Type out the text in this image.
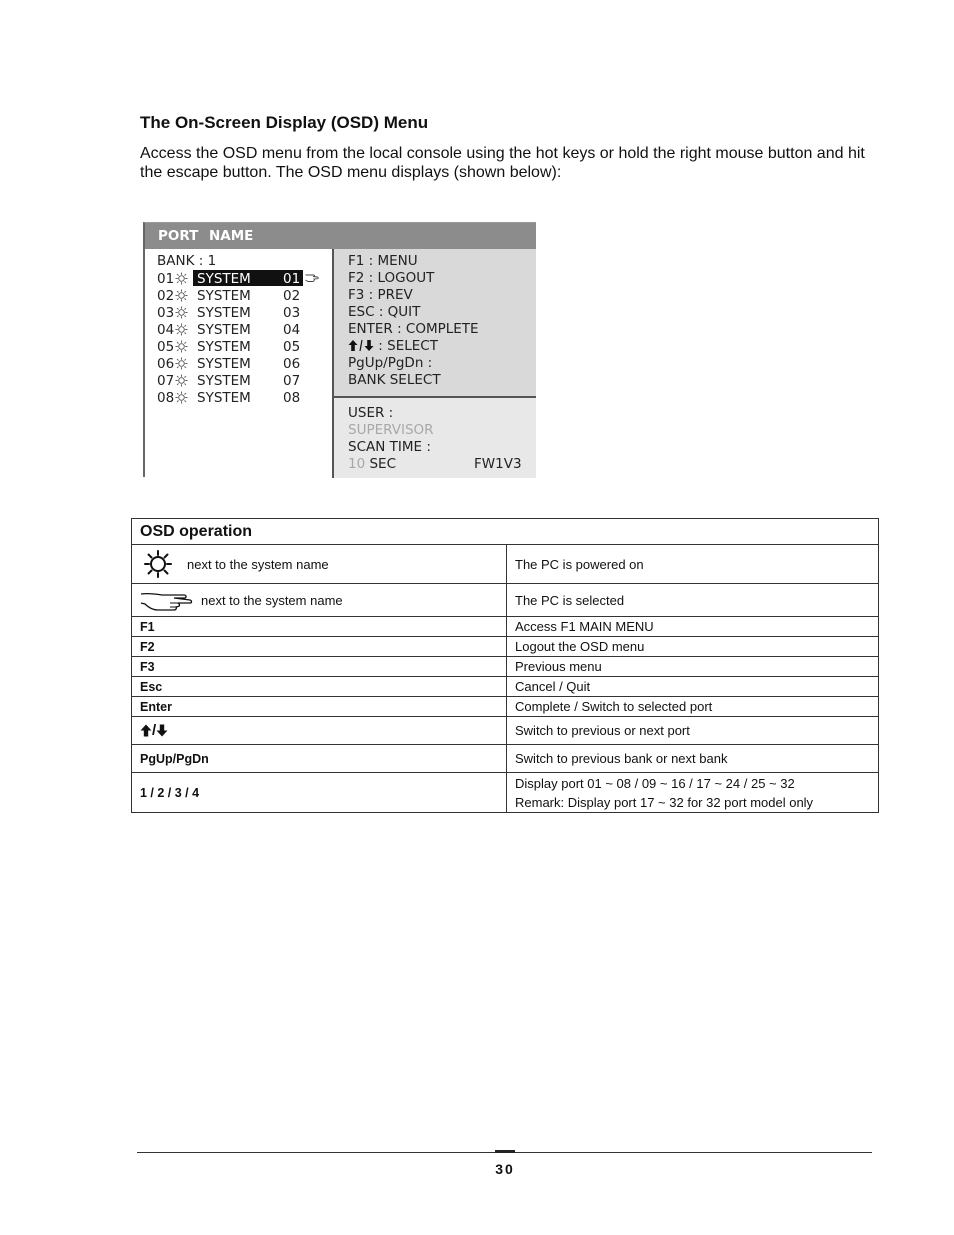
The On-Screen Display (OSD) Menu
Access the OSD menu from the local console using the hot keys or hold the right mouse button and hit the escape button. The OSD menu displays (shown below):
PORT NAME
BANK : 1
01 SYSTEM 01
02 SYSTEM 02
03 SYSTEM 03
04 SYSTEM 04
05 SYSTEM 05
06 SYSTEM 06
07 SYSTEM 07
08 SYSTEM 08
F1 : MENU
F2 : LOGOUT
F3 : PREV
ESC : QUIT
ENTER : COMPLETE
: SELECT
PgUp/PgDn :
BANK SELECT
USER :
SUPERVISOR
SCAN TIME :
10 SEC	FW1V3
OSD operation	

next to the system name	The PC is powered on

next to the system name	The PC is selected
F1	Access F1 MAIN MENU
F2	Logout the OSD menu
F3	Previous menu
Esc	Cancel / Quit
Enter	Complete / Switch to selected port
/	Switch to previous or next port
PgUp/PgDn	Switch to previous bank or next bank
1 / 2 / 3 / 4	Display port 01 ~ 08 / 09 ~ 16 / 17 ~ 24 / 25 ~ 32
Remark: Display port 17 ~ 32 for 32 port model only
30
